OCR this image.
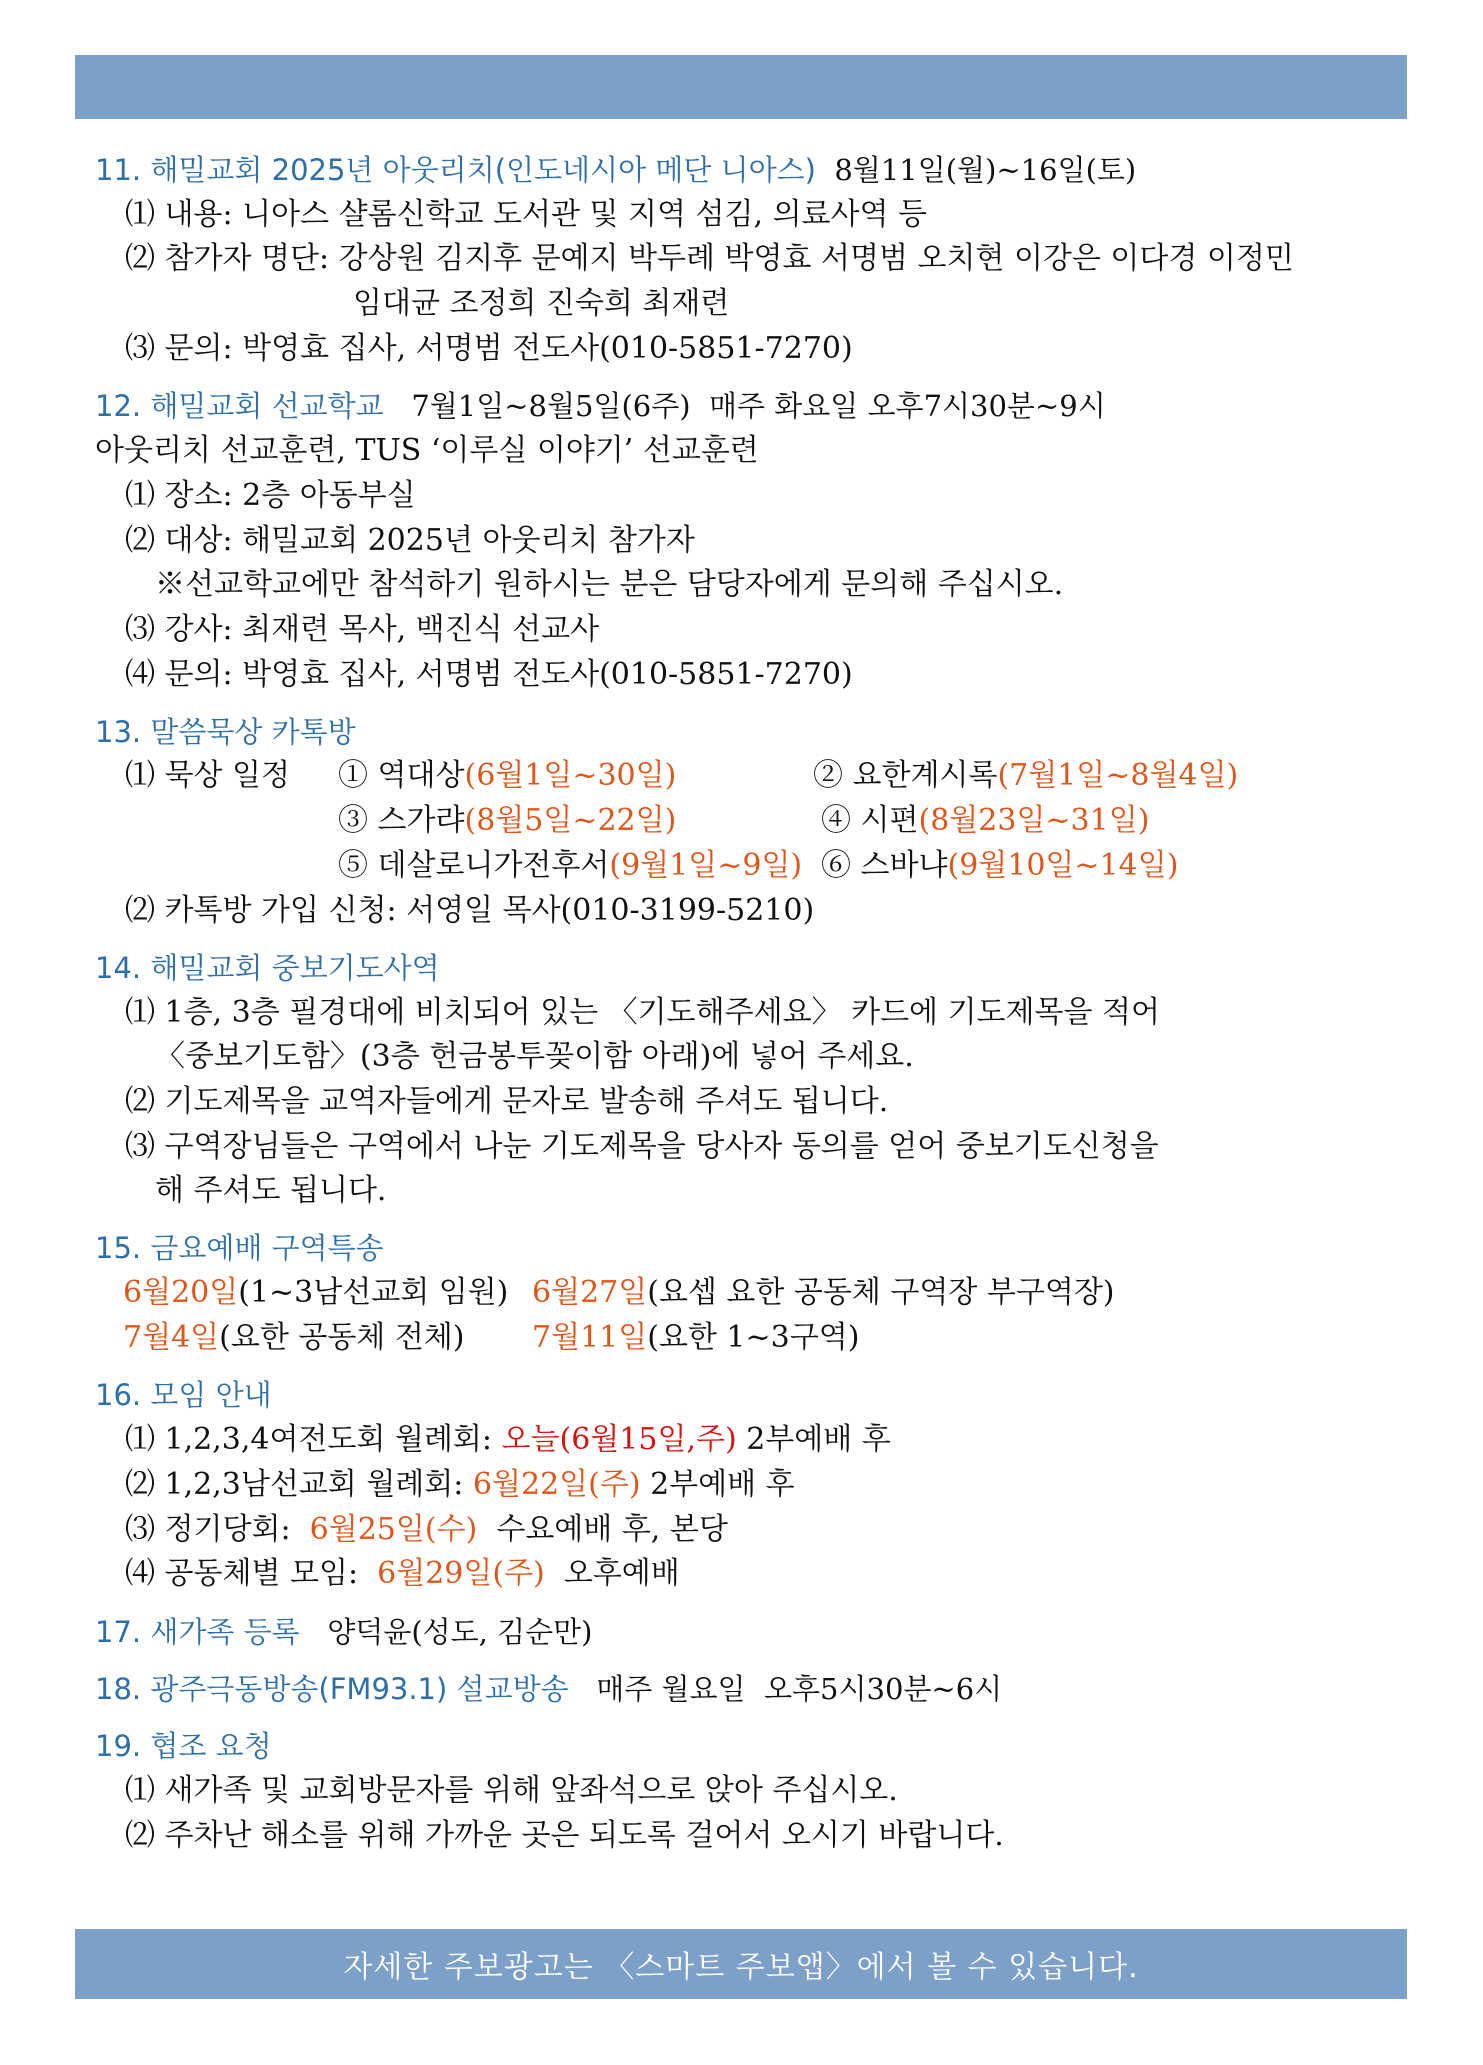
11. 해밀교회 2025년 아웃리치(인도네시아 메단 니아스) 8월11일(월)~16일(토)
⑴ 내용: 니아스 샬롬신학교 도서관 및 지역 섬김, 의료사역 등
⑵ 참가자 명단: 강상원 김지후 문예지 박두례 박영효 서명범 오치현 이강은 이다경 이정민
임대균 조정희 진숙희 최재련
⑶ 문의: 박영효 집사, 서명범 전도사(010-5851-7270)
12. 해밀교회 선교학교 7월1일~8월5일(6주) 매주 화요일 오후7시30분~9시
아웃리치 선교훈련, TUS ‘이루실 이야기’ 선교훈련
⑴ 장소: 2층 아동부실
⑵ 대상: 해밀교회 2025년 아웃리치 참가자
※선교학교에만 참석하기 원하시는 분은 담당자에게 문의해 주십시오.
⑶ 강사: 최재련 목사, 백진식 선교사
⑷ 문의: 박영효 집사, 서명범 전도사(010-5851-7270)
13. 말씀묵상 카톡방
⑴ 묵상 일정 ① 역대상(6월1일~30일)	② 요한계시록(7월1일~8월4일)
③ 스가랴(8월5일~22일)	④ 시편(8월23일~31일)
⑤ 데살로니가전후서(9월1일~9일) ⑥ 스바냐(9월10일~14일)
⑵ 카톡방 가입 신청: 서영일 목사(010-3199-5210)
14. 해밀교회 중보기도사역
⑴ 1층, 3층 필경대에 비치되어 있는 〈기도해주세요〉 카드에 기도제목을 적어
〈중보기도함〉(3층 헌금봉투꽂이함 아래)에 넣어 주세요.
⑵ 기도제목을 교역자들에게 문자로 발송해 주셔도 됩니다.
⑶ 구역장님들은 구역에서 나눈 기도제목을 당사자 동의를 얻어 중보기도신청을
해 주셔도 됩니다.
15. 금요예배 구역특송
6월20일(1~3남선교회 임원) 6월27일(요셉 요한 공동체 구역장 부구역장)
7월4일(요한 공동체 전체) 7월11일(요한 1~3구역)
16. 모임 안내
⑴ 1,2,3,4여전도회 월례회: 오늘(6월15일,주) 2부예배 후
⑵ 1,2,3남선교회 월례회: 6월22일(주) 2부예배 후
⑶ 정기당회: 6월25일(수) 수요예배 후, 본당
⑷ 공동체별 모임: 6월29일(주) 오후예배
17. 새가족 등록 양덕윤(성도, 김순만)
18. 광주극동방송(FM93.1) 설교방송 매주 월요일 오후5시30분~6시
19. 협조 요청
⑴ 새가족 및 교회방문자를 위해 앞좌석으로 앉아 주십시오.
⑵ 주차난 해소를 위해 가까운 곳은 되도록 걸어서 오시기 바랍니다.
자세한 주보광고는 〈스마트 주보앱〉에서 볼 수 있습니다.
